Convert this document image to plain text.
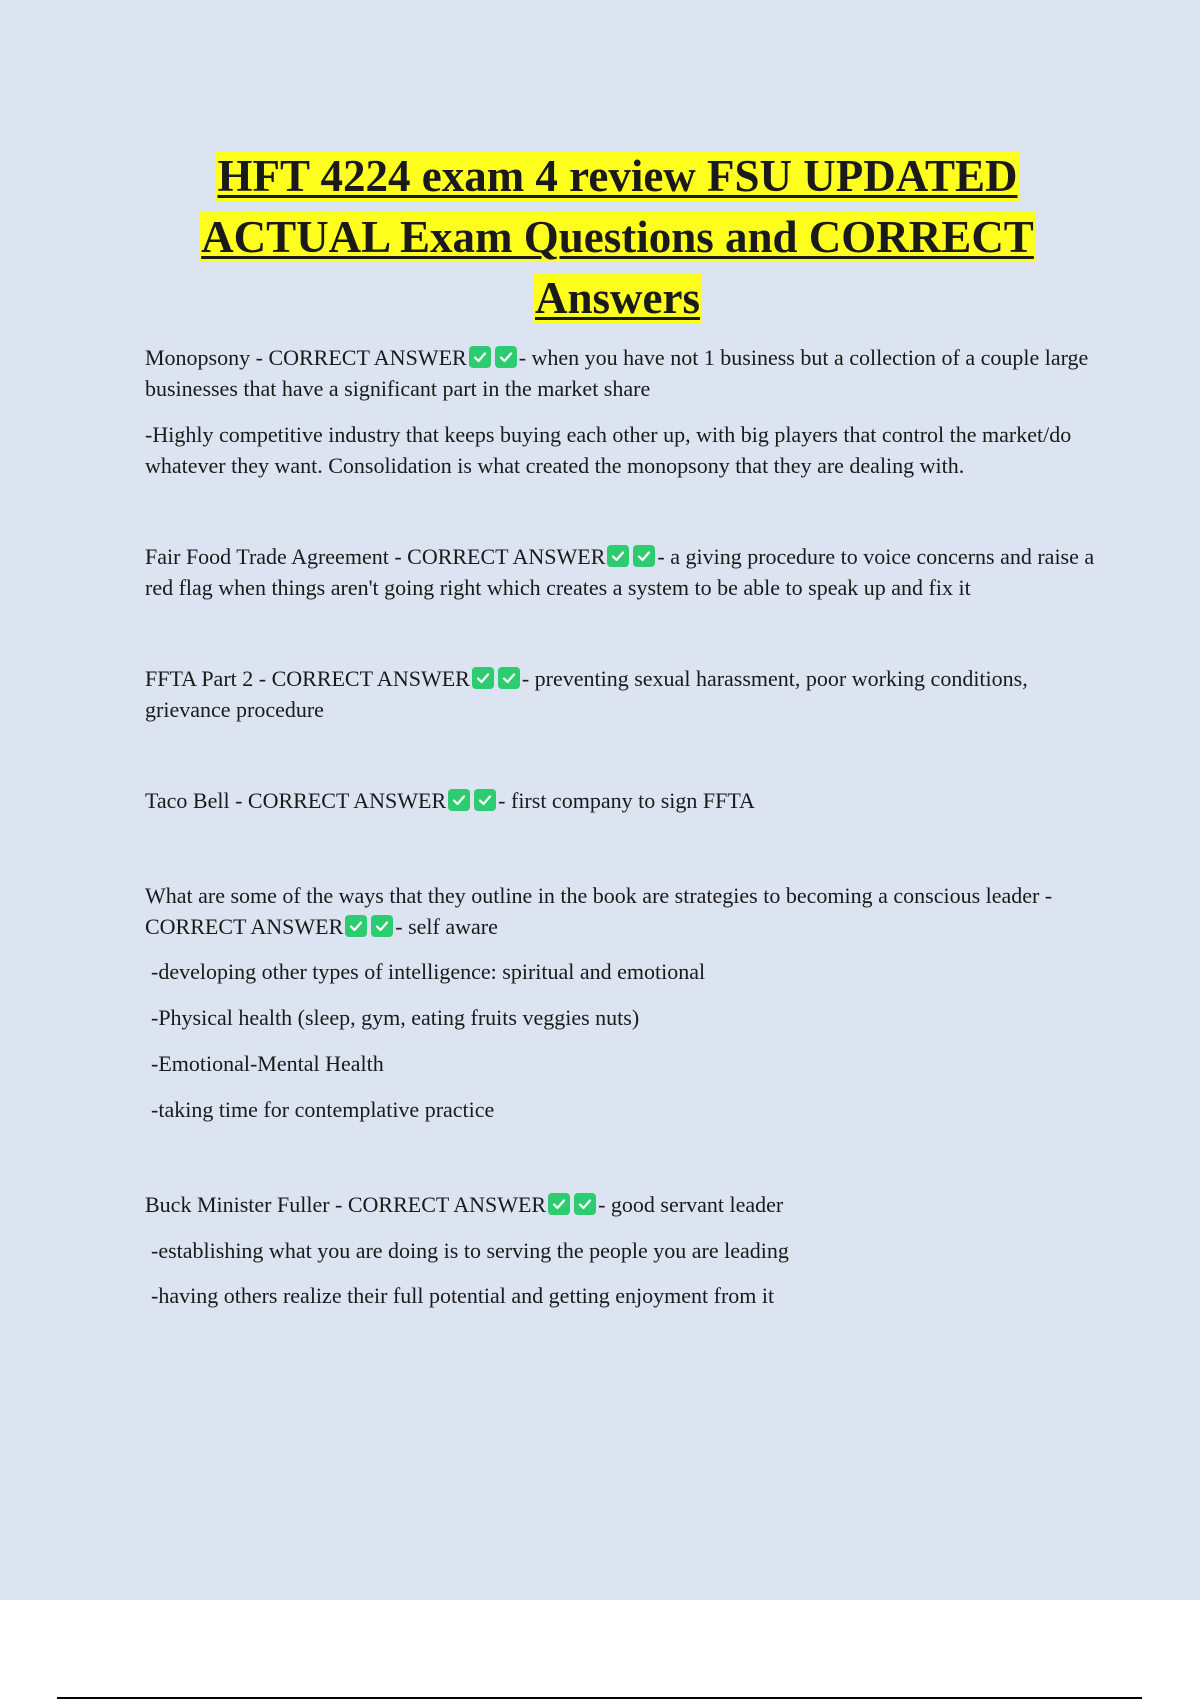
HFT 4224 exam 4 review FSU UPDATED ACTUAL Exam Questions and CORRECT Answers

Monopsony - CORRECT ANSWER - when you have not 1 business but a collection of a couple large businesses that have a significant part in the market share

-Highly competitive industry that keeps buying each other up, with big players that control the market/do whatever they want. Consolidation is what created the monopsony that they are dealing with.

Fair Food Trade Agreement - CORRECT ANSWER - a giving procedure to voice concerns and raise a red flag when things aren't going right which creates a system to be able to speak up and fix it

FFTA Part 2 - CORRECT ANSWER - preventing sexual harassment, poor working conditions, grievance procedure

Taco Bell - CORRECT ANSWER - first company to sign FFTA

What are some of the ways that they outline in the book are strategies to becoming a conscious leader - CORRECT ANSWER - self aware

-developing other types of intelligence: spiritual and emotional

-Physical health (sleep, gym, eating fruits veggies nuts)

-Emotional-Mental Health

-taking time for contemplative practice

Buck Minister Fuller - CORRECT ANSWER - good servant leader

-establishing what you are doing is to serving the people you are leading

-having others realize their full potential and getting enjoyment from it
